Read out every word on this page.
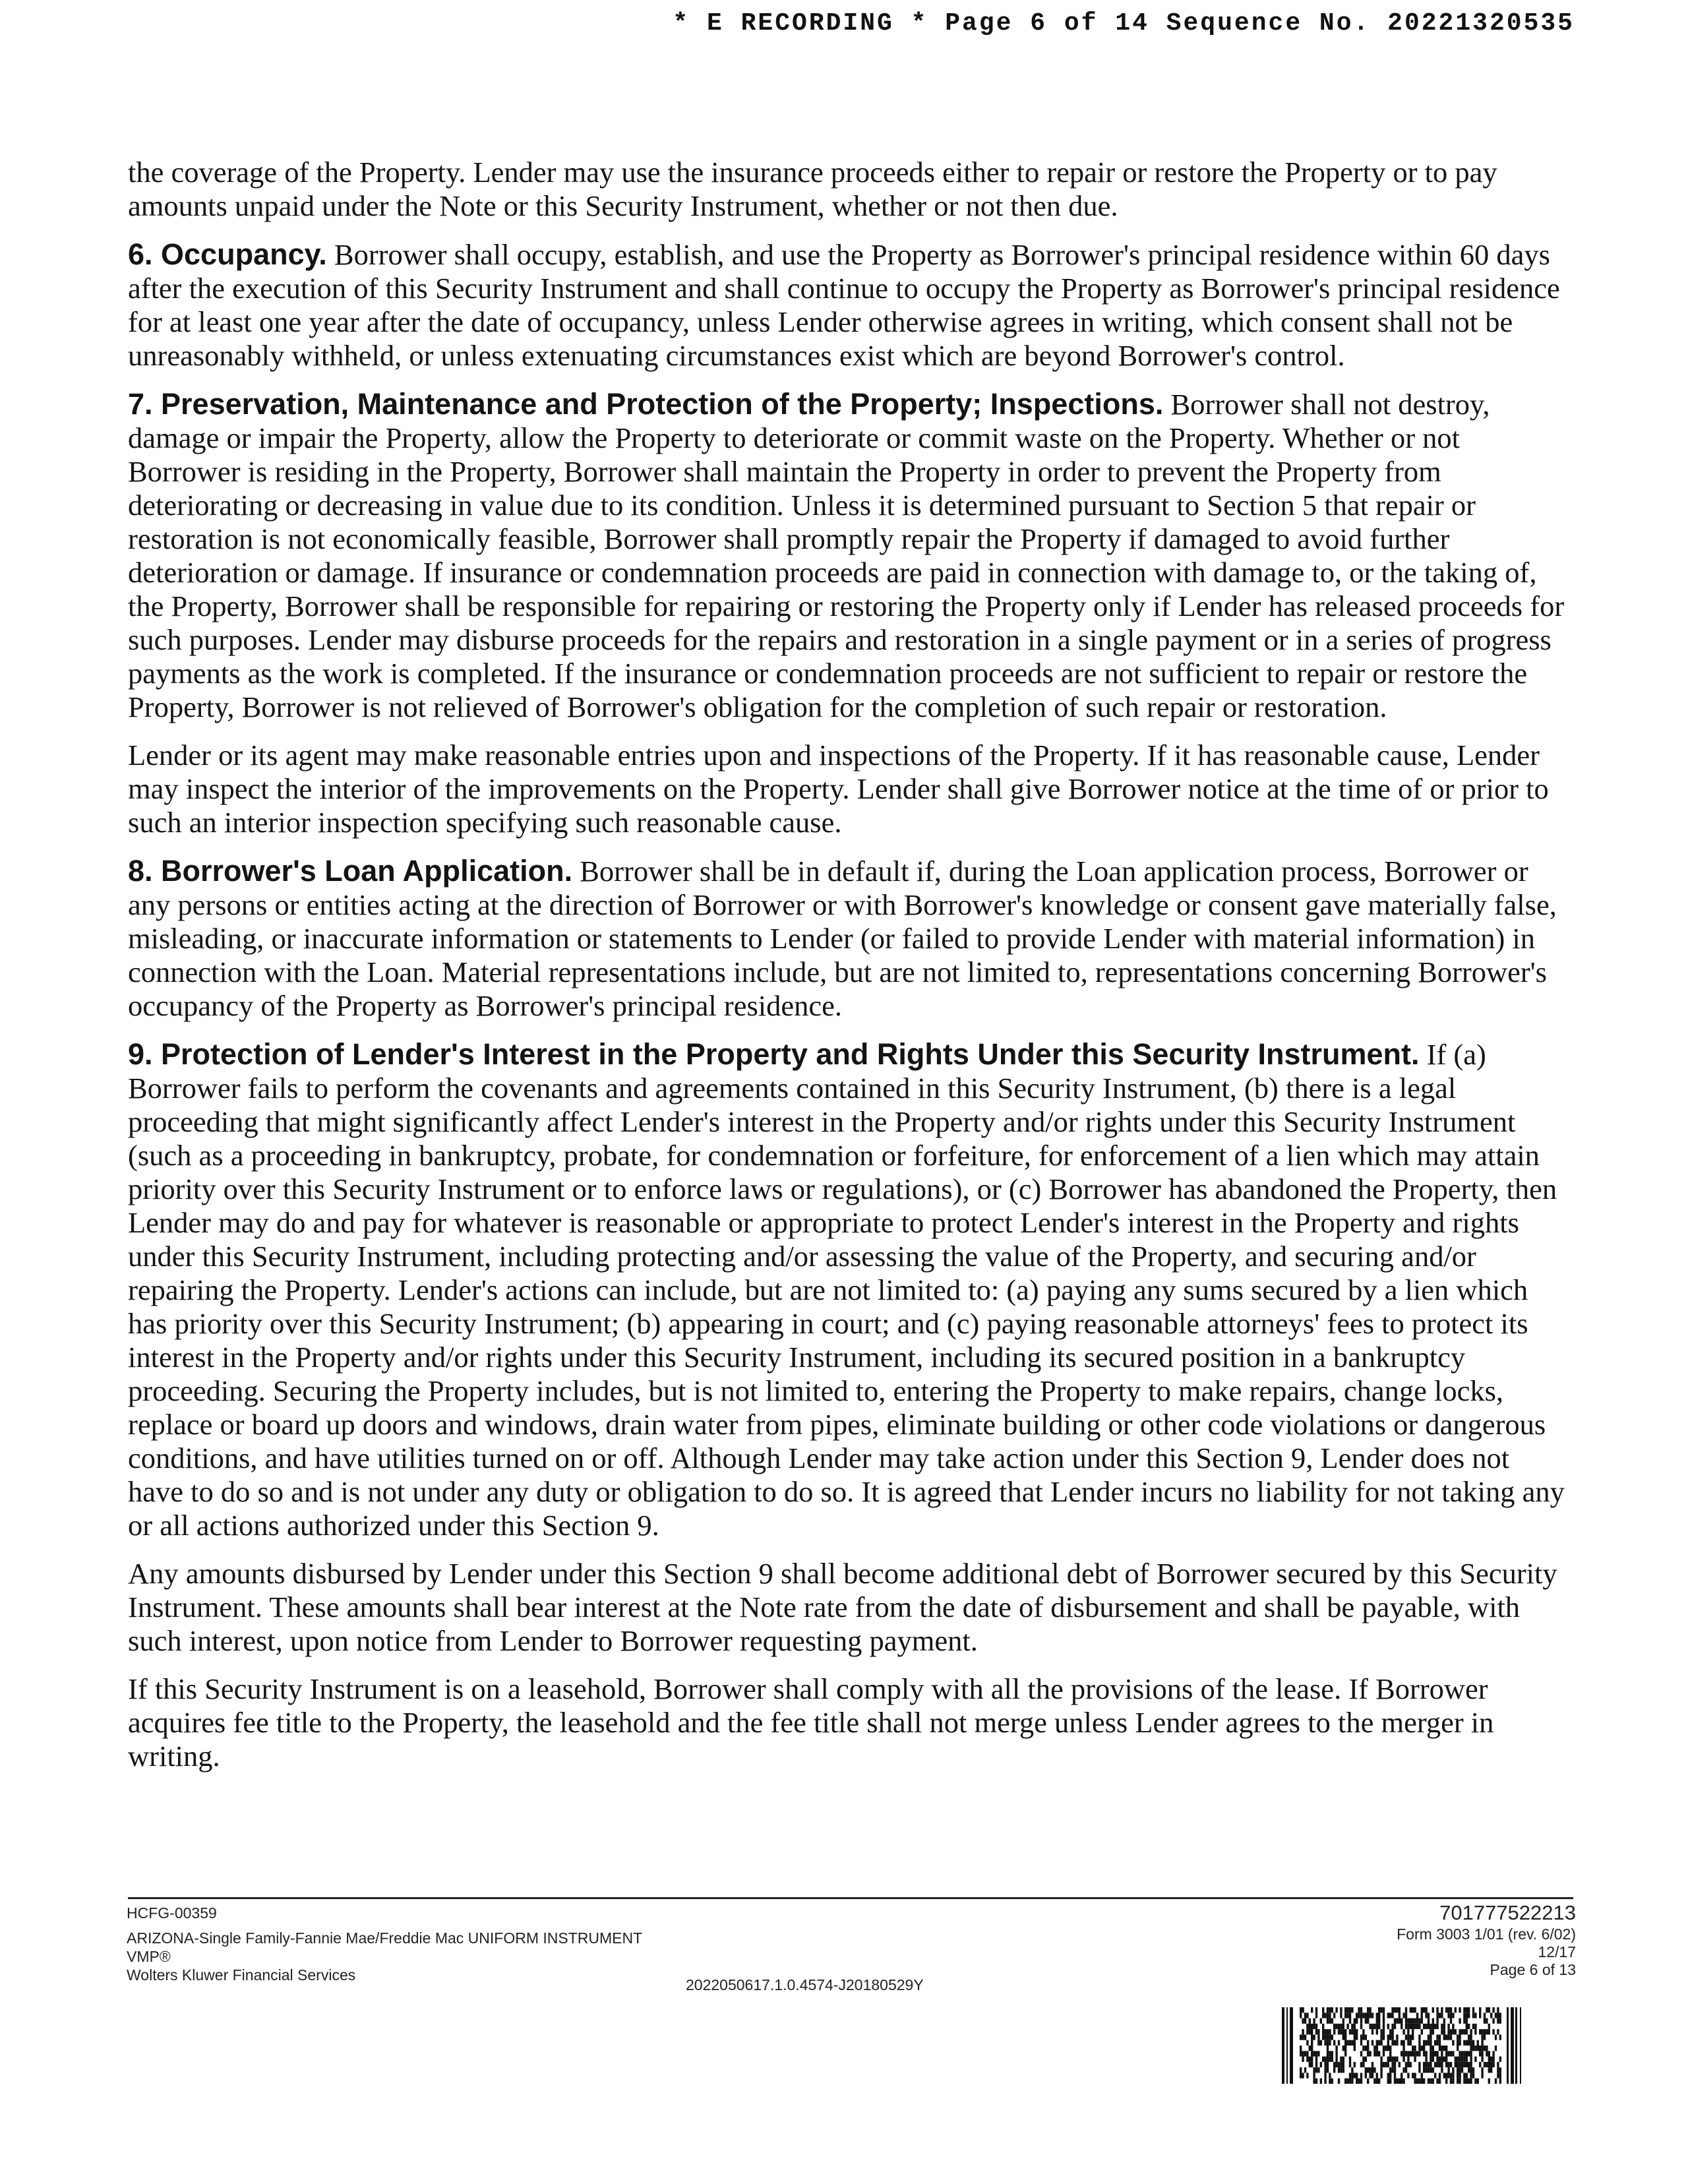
* E RECORDING * Page 6 of 14 Sequence No. 20221320535

the coverage of the Property. Lender may use the insurance proceeds either to repair or restore the Property or to pay amounts unpaid under the Note or this Security Instrument, whether or not then due.

6. Occupancy. Borrower shall occupy, establish, and use the Property as Borrower's principal residence within 60 days after the execution of this Security Instrument and shall continue to occupy the Property as Borrower's principal residence for at least one year after the date of occupancy, unless Lender otherwise agrees in writing, which consent shall not be unreasonably withheld, or unless extenuating circumstances exist which are beyond Borrower's control.

7. Preservation, Maintenance and Protection of the Property; Inspections. Borrower shall not destroy, damage or impair the Property, allow the Property to deteriorate or commit waste on the Property. Whether or not Borrower is residing in the Property, Borrower shall maintain the Property in order to prevent the Property from deteriorating or decreasing in value due to its condition. Unless it is determined pursuant to Section 5 that repair or restoration is not economically feasible, Borrower shall promptly repair the Property if damaged to avoid further deterioration or damage. If insurance or condemnation proceeds are paid in connection with damage to, or the taking of, the Property, Borrower shall be responsible for repairing or restoring the Property only if Lender has released proceeds for such purposes. Lender may disburse proceeds for the repairs and restoration in a single payment or in a series of progress payments as the work is completed. If the insurance or condemnation proceeds are not sufficient to repair or restore the Property, Borrower is not relieved of Borrower's obligation for the completion of such repair or restoration.

Lender or its agent may make reasonable entries upon and inspections of the Property. If it has reasonable cause, Lender may inspect the interior of the improvements on the Property. Lender shall give Borrower notice at the time of or prior to such an interior inspection specifying such reasonable cause.

8. Borrower's Loan Application. Borrower shall be in default if, during the Loan application process, Borrower or any persons or entities acting at the direction of Borrower or with Borrower's knowledge or consent gave materially false, misleading, or inaccurate information or statements to Lender (or failed to provide Lender with material information) in connection with the Loan. Material representations include, but are not limited to, representations concerning Borrower's occupancy of the Property as Borrower's principal residence.

9. Protection of Lender's Interest in the Property and Rights Under this Security Instrument. If (a) Borrower fails to perform the covenants and agreements contained in this Security Instrument, (b) there is a legal proceeding that might significantly affect Lender's interest in the Property and/or rights under this Security Instrument (such as a proceeding in bankruptcy, probate, for condemnation or forfeiture, for enforcement of a lien which may attain priority over this Security Instrument or to enforce laws or regulations), or (c) Borrower has abandoned the Property, then Lender may do and pay for whatever is reasonable or appropriate to protect Lender's interest in the Property and rights under this Security Instrument, including protecting and/or assessing the value of the Property, and securing and/or repairing the Property. Lender's actions can include, but are not limited to: (a) paying any sums secured by a lien which has priority over this Security Instrument; (b) appearing in court; and (c) paying reasonable attorneys' fees to protect its interest in the Property and/or rights under this Security Instrument, including its secured position in a bankruptcy proceeding. Securing the Property includes, but is not limited to, entering the Property to make repairs, change locks, replace or board up doors and windows, drain water from pipes, eliminate building or other code violations or dangerous conditions, and have utilities turned on or off. Although Lender may take action under this Section 9, Lender does not have to do so and is not under any duty or obligation to do so. It is agreed that Lender incurs no liability for not taking any or all actions authorized under this Section 9.

Any amounts disbursed by Lender under this Section 9 shall become additional debt of Borrower secured by this Security Instrument. These amounts shall bear interest at the Note rate from the date of disbursement and shall be payable, with such interest, upon notice from Lender to Borrower requesting payment.

If this Security Instrument is on a leasehold, Borrower shall comply with all the provisions of the lease. If Borrower acquires fee title to the Property, the leasehold and the fee title shall not merge unless Lender agrees to the merger in writing.

HCFG-00359
ARIZONA-Single Family-Fannie Mae/Freddie Mac UNIFORM INSTRUMENT
VMP®
Wolters Kluwer Financial Services
2022050617.1.0.4574-J20180529Y
701777522213
Form 3003 1/01 (rev. 6/02)
12/17
Page 6 of 13
